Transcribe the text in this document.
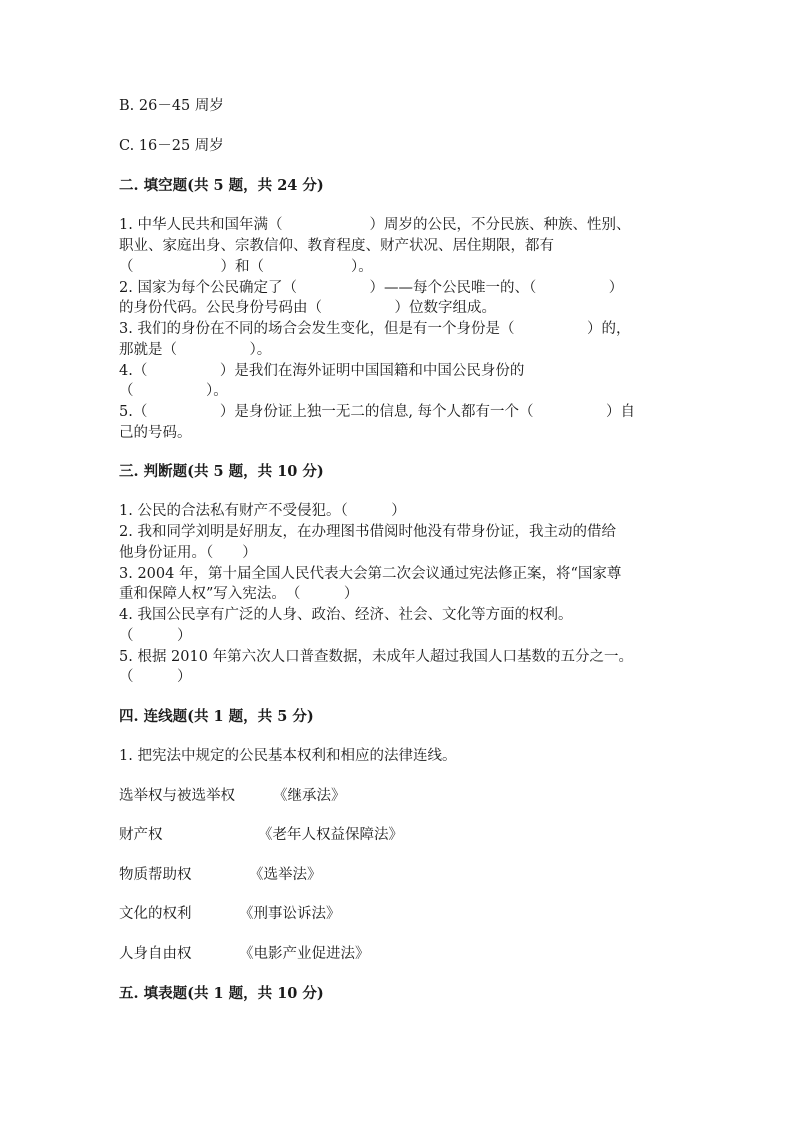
B. 26－45 周岁
C. 16－25 周岁
二. 填空题(共 5 题，共 24 分)
1. 中华人民共和国年满（　　　　　　）周岁的公民，不分民族、种族、性别、
职业、家庭出身、宗教信仰、教育程度、财产状况、居住期限，都有
（　　　　　　）和（　　　　　　）。
2. 国家为每个公民确定了（　　　　　）——每个公民唯一的、（　　　　　）
的身份代码。公民身份号码由（　　　　　）位数字组成。
3. 我们的身份在不同的场合会发生变化，但是有一个身份是（　　　　　）的，
那就是（　　　　　）。
4.（　　　　　）是我们在海外证明中国国籍和中国公民身份的
（　　　　　）。
5.（　　　　　）是身份证上独一无二的信息, 每个人都有一个（　　　　　）自
己的号码。
三. 判断题(共 5 题，共 10 分)
1. 公民的合法私有财产不受侵犯。（　　　）
2. 我和同学刘明是好朋友，在办理图书借阅时他没有带身份证，我主动的借给
他身份证用。（　　）
3. 2004 年，第十届全国人民代表大会第二次会议通过宪法修正案，将“国家尊
重和保障人权”写入宪法。　（　　　）
4. 我国公民享有广泛的人身、政治、经济、社会、文化等方面的权利。
（　　　）
5. 根据 2010 年第六次人口普查数据，未成年人超过我国人口基数的五分之一。
（　　　）
四. 连线题(共 1 题，共 5 分)
1. 把宪法中规定的公民基本权利和相应的法律连线。
选举权与被选举权	《继承法》
财产权	《老年人权益保障法》
物质帮助权	《选举法》
文化的权利	《刑事讼诉法》
人身自由权	《电影产业促进法》
五. 填表题(共 1 题，共 10 分)
